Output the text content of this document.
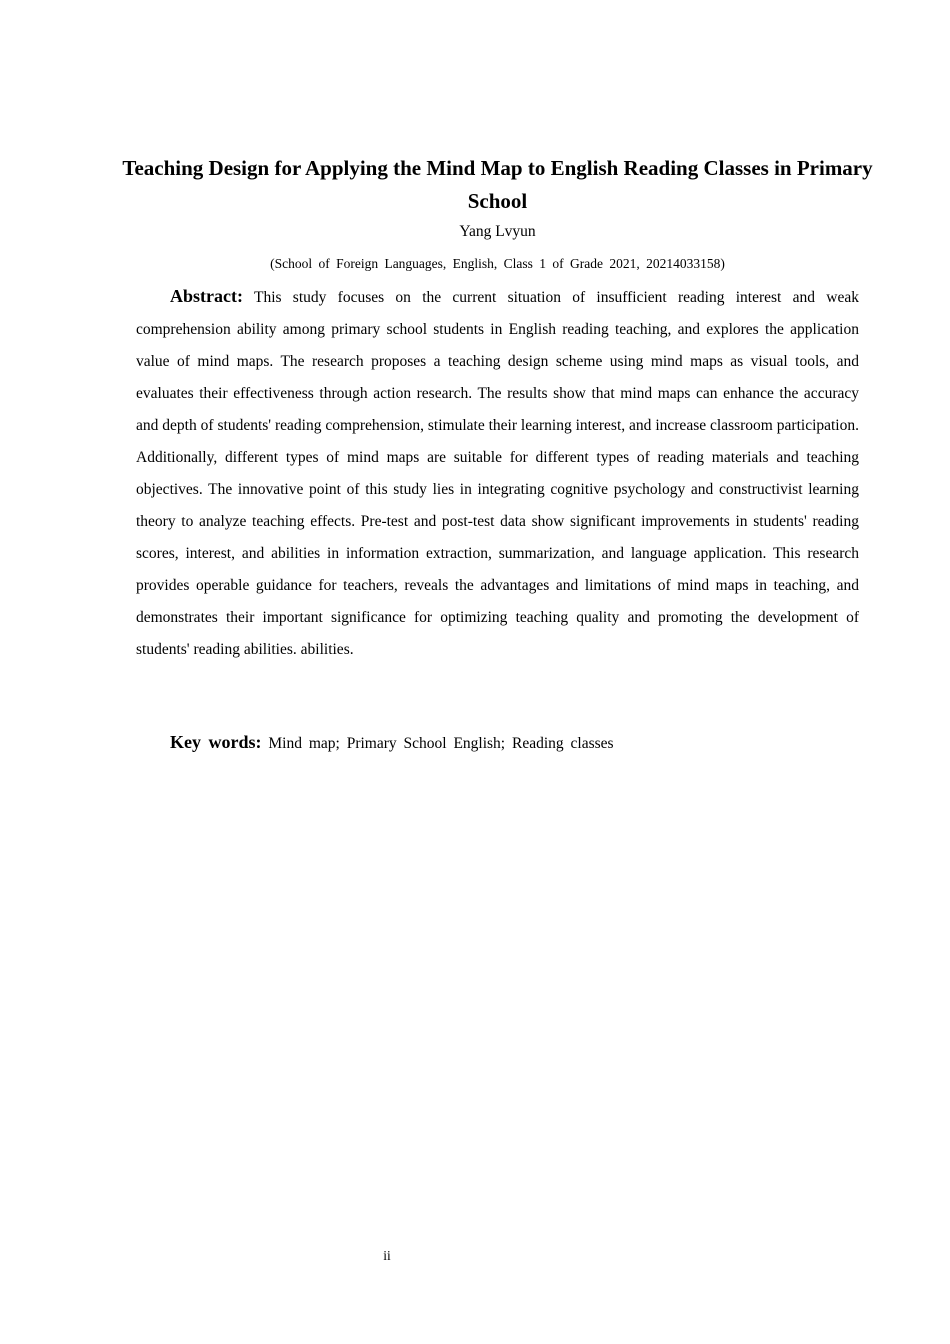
Teaching Design for Applying the Mind Map to English Reading Classes in Primary School

Yang Lvyun

(School of Foreign Languages, English, Class 1 of Grade 2021, 20214033158)

Abstract: This study focuses on the current situation of insufficient reading interest and weak comprehension ability among primary school students in English reading teaching, and explores the application value of mind maps. The research proposes a teaching design scheme using mind maps as visual tools, and evaluates their effectiveness through action research. The results show that mind maps can enhance the accuracy and depth of students' reading comprehension, stimulate their learning interest, and increase classroom participation. Additionally, different types of mind maps are suitable for different types of reading materials and teaching objectives. The innovative point of this study lies in integrating cognitive psychology and constructivist learning theory to analyze teaching effects. Pre-test and post-test data show significant improvements in students' reading scores, interest, and abilities in information extraction, summarization, and language application. This research provides operable guidance for teachers, reveals the advantages and limitations of mind maps in teaching, and demonstrates their important significance for optimizing teaching quality and promoting the development of students' reading abilities. abilities.

Key words: Mind map; Primary School English; Reading classes

ii
